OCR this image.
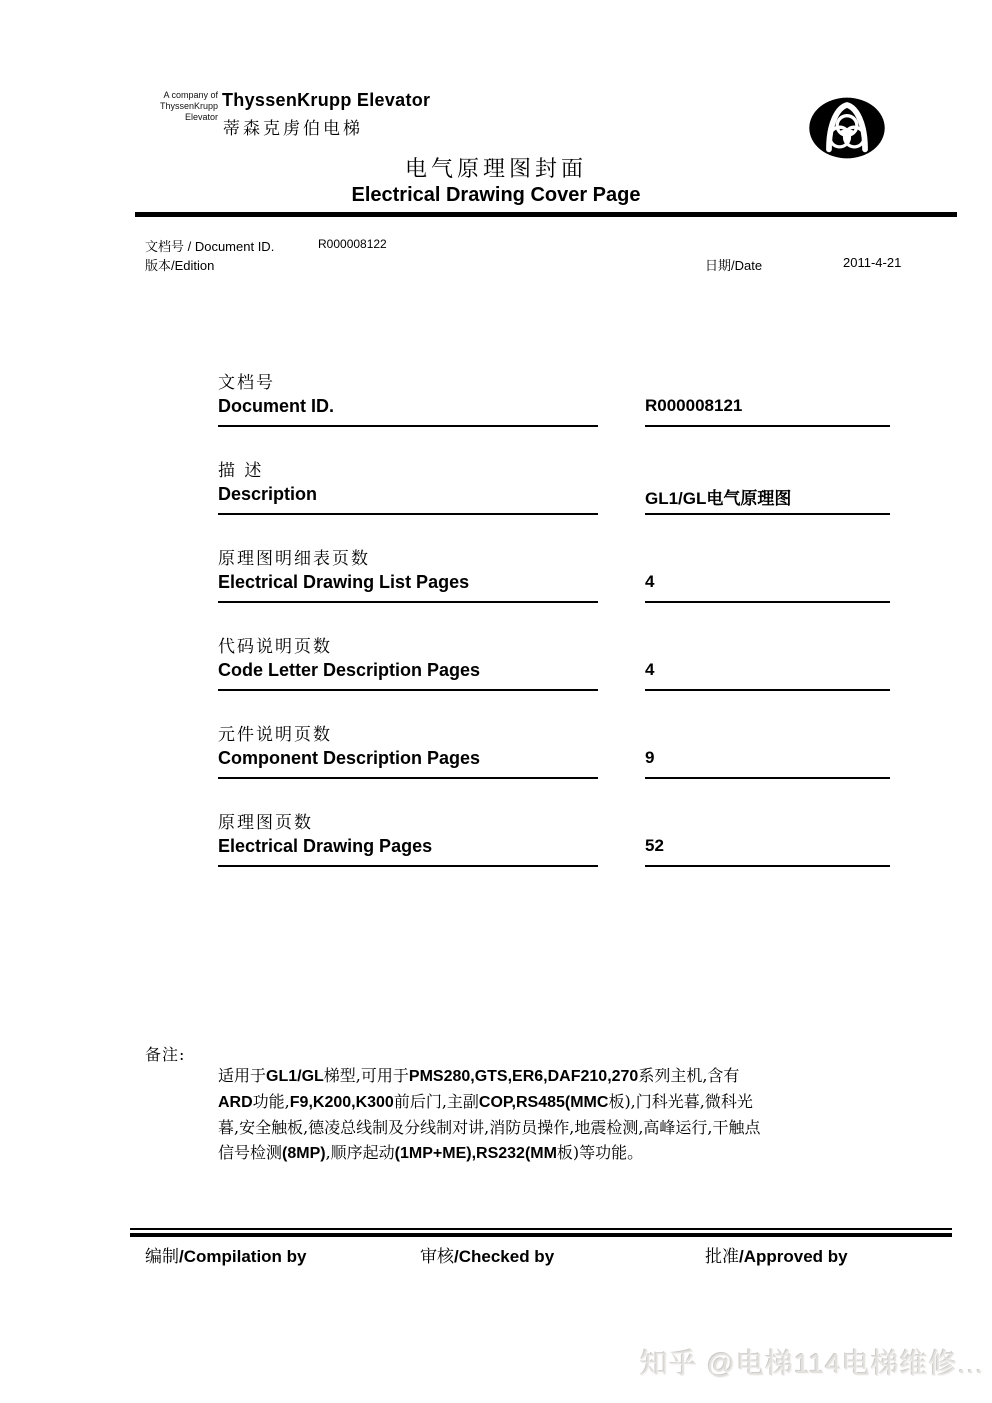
A company of
ThyssenKrupp
Elevator
ThyssenKrupp Elevator
蒂森克虏伯电梯
电气原理图封面
Electrical Drawing Cover Page
文档号 / Document ID.	R000008122
版本/Edition	日期/Date	2011-4-21
文档号
Document ID.	R000008121
描 述
Description	GL1/GL电气原理图
原理图明细表页数
Electrical Drawing List Pages	4
代码说明页数
Code Letter Description Pages	4
元件说明页数
Component Description Pages	9
原理图页数
Electrical Drawing Pages	52
备注:
适用于GL1/GL梯型,可用于PMS280,GTS,ER6,DAF210,270系列主机,含有
ARD功能,F9,K200,K300前后门,主副COP,RS485(MMC板),门科光暮,微科光
暮,安全触板,德凌总线制及分线制对讲,消防员操作,地震检测,高峰运行,干触点
信号检测(8MP),顺序起动(1MP+ME),RS232(MM板)等功能。
编制/Compilation by	审核/Checked by	批准/Approved by
知乎 @电梯114电梯维修...
